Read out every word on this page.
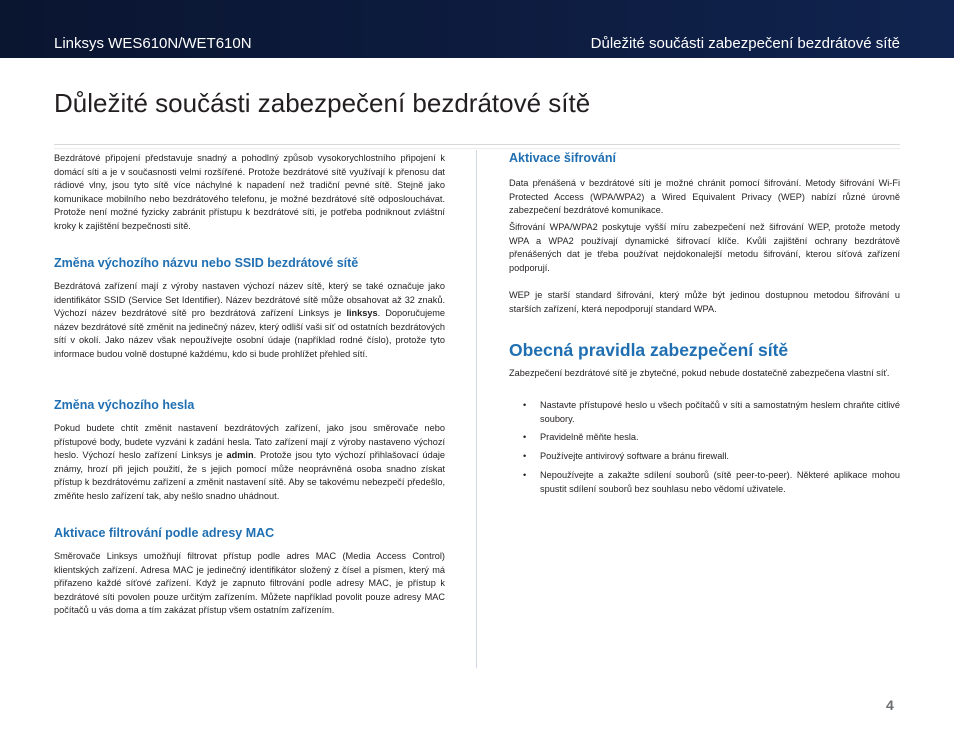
Linksys WES610N/WET610N	Důležité součásti zabezpečení bezdrátové sítě
Důležité součásti zabezpečení bezdrátové sítě

Bezdrátové připojení představuje snadný a pohodlný způsob vysokorychlostního připojení k domácí síti a je v současnosti velmi rozšířené. Protože bezdrátové sítě využívají k přenosu dat rádiové vlny, jsou tyto sítě více náchylné k napadení než tradiční pevné sítě. Stejně jako komunikace mobilního nebo bezdrátového telefonu, je možné bezdrátové sítě odposlouchávat. Protože není možné fyzicky zabránit přístupu k bezdrátové síti, je potřeba podniknout zvláštní kroky k zajištění bezpečnosti sítě.

Změna výchozího názvu nebo SSID bezdrátové sítě

Bezdrátová zařízení mají z výroby nastaven výchozí název sítě, který se také označuje jako identifikátor SSID (Service Set Identifier). Název bezdrátové sítě může obsahovat až 32 znaků. Výchozí název bezdrátové sítě pro bezdrátová zařízení Linksys je linksys. Doporučujeme název bezdrátové sítě změnit na jedinečný název, který odliší vaši síť od ostatních bezdrátových sítí v okolí. Jako název však nepoužívejte osobní údaje (například rodné číslo), protože tyto informace budou volně dostupné každému, kdo si bude prohlížet přehled sítí.

Změna výchozího hesla

Pokud budete chtít změnit nastavení bezdrátových zařízení, jako jsou směrovače nebo přístupové body, budete vyzváni k zadání hesla. Tato zařízení mají z výroby nastaveno výchozí heslo. Výchozí heslo zařízení Linksys je admin. Protože jsou tyto výchozí přihlašovací údaje známy, hrozí při jejich použití, že s jejich pomocí může neoprávněná osoba snadno získat přístup k bezdrátovému zařízení a změnit nastavení sítě. Aby se takovému nebezpečí předešlo, změňte heslo zařízení tak, aby nešlo snadno uhádnout.

Aktivace filtrování podle adresy MAC

Směrovače Linksys umožňují filtrovat přístup podle adres MAC (Media Access Control) klientských zařízení. Adresa MAC je jedinečný identifikátor složený z čísel a písmen, který má přiřazeno každé síťové zařízení. Když je zapnuto filtrování podle adresy MAC, je přístup k bezdrátové síti povolen pouze určitým zařízením. Můžete například povolit pouze adresy MAC počítačů u vás doma a tím zakázat přístup všem ostatním zařízením.

Aktivace šifrování

Data přenášená v bezdrátové síti je možné chránit pomocí šifrování. Metody šifrování Wi-Fi Protected Access (WPA/WPA2) a Wired Equivalent Privacy (WEP) nabízí různé úrovně zabezpečení bezdrátové komunikace.

Šifrování WPA/WPA2 poskytuje vyšší míru zabezpečení než šifrování WEP, protože metody WPA a WPA2 používají dynamické šifrovací klíče. Kvůli zajištění ochrany bezdrátově přenášených dat je třeba používat nejdokonalejší metodu šifrování, kterou síťová zařízení podporují.

WEP je starší standard šifrování, který může být jedinou dostupnou metodou šifrování u starších zařízení, která nepodporují standard WPA.

Obecná pravidla zabezpečení sítě

Zabezpečení bezdrátové sítě je zbytečné, pokud nebude dostatečně zabezpečena vlastní síť.

• Nastavte přístupové heslo u všech počítačů v síti a samostatným heslem chraňte citlivé soubory.
• Pravidelně měňte hesla.
• Používejte antivirový software a bránu firewall.
• Nepoužívejte a zakažte sdílení souborů (sítě peer-to-peer). Některé aplikace mohou spustit sdílení souborů bez souhlasu nebo vědomí uživatele.
4
